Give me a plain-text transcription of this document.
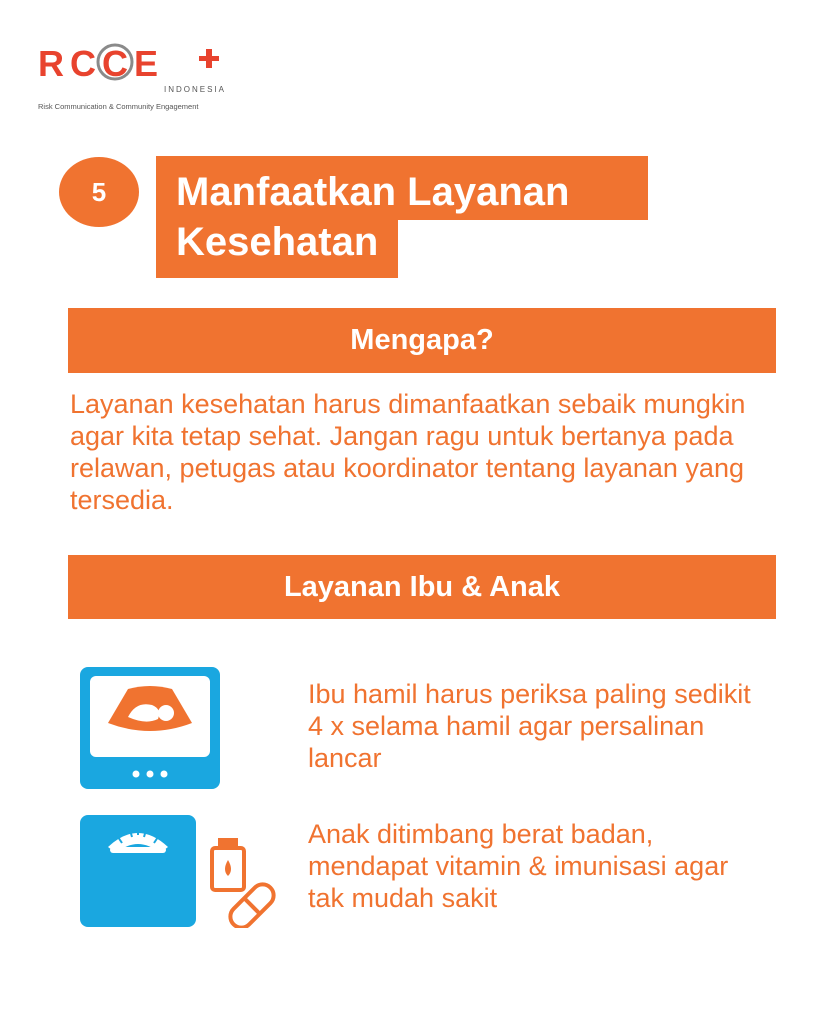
RCCE
INDONESIA
Risk Communication & Community Engagement
5	Manfaatkan Layanan
Kesehatan
Mengapa?
Layanan kesehatan harus dimanfaatkan sebaik mungkin agar kita tetap sehat. Jangan ragu untuk bertanya pada relawan, petugas atau koordinator tentang layanan yang tersedia.
Layanan Ibu & Anak
Ibu hamil harus periksa paling sedikit 4 x selama hamil agar persalinan lancar
Anak ditimbang berat badan, mendapat vitamin & imunisasi agar tak mudah sakit
